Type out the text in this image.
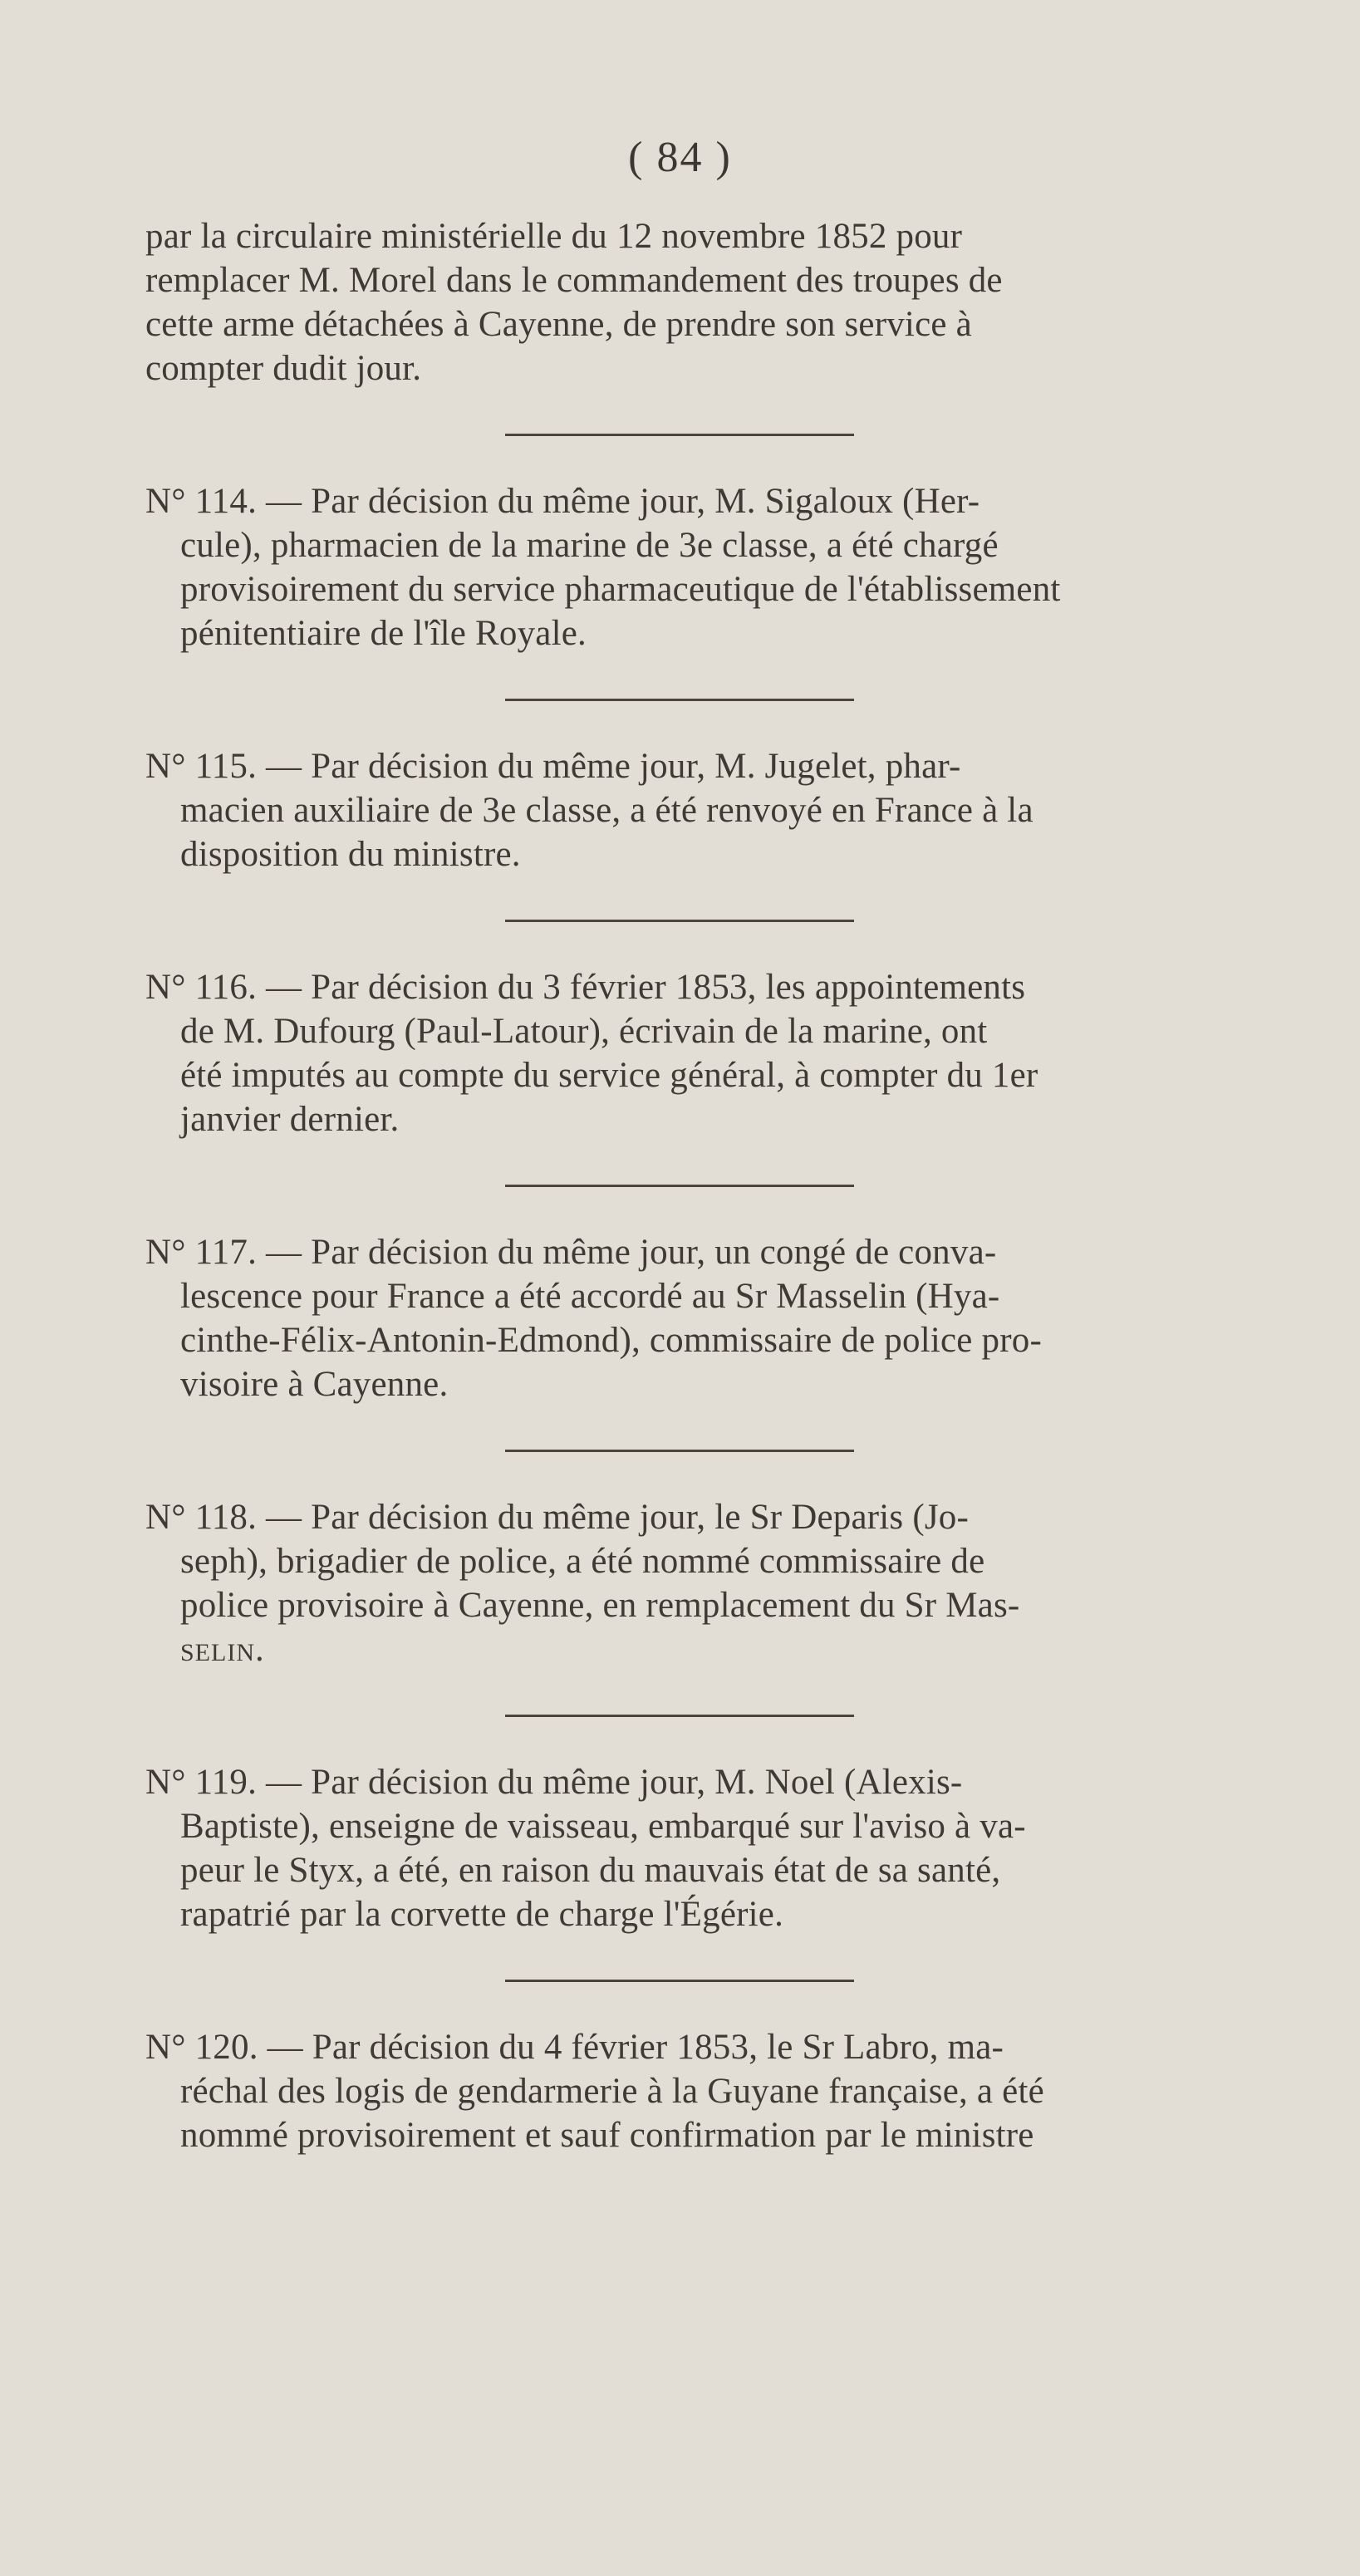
( 84 )

par la circulaire ministérielle du 12 novembre 1852 pour
remplacer M. Morel dans le commandement des troupes de
cette arme détachées à Cayenne, de prendre son service à
compter dudit jour.

N° 114. — Par décision du même jour, M. Sigaloux (Her-
cule), pharmacien de la marine de 3e classe, a été chargé
provisoirement du service pharmaceutique de l'établissement
pénitentiaire de l'île Royale.

N° 115. — Par décision du même jour, M. Jugelet, phar-
macien auxiliaire de 3e classe, a été renvoyé en France à la
disposition du ministre.

N° 116. — Par décision du 3 février 1853, les appointements
de M. Dufourg (Paul-Latour), écrivain de la marine, ont
été imputés au compte du service général, à compter du 1er
janvier dernier.

N° 117. — Par décision du même jour, un congé de conva-
lescence pour France a été accordé au Sr Masselin (Hya-
cinthe-Félix-Antonin-Edmond), commissaire de police pro-
visoire à Cayenne.

N° 118. — Par décision du même jour, le Sr Deparis (Jo-
seph), brigadier de police, a été nommé commissaire de
police provisoire à Cayenne, en remplacement du Sr Mas-
selin.

N° 119. — Par décision du même jour, M. Noel (Alexis-
Baptiste), enseigne de vaisseau, embarqué sur l'aviso à va-
peur le Styx, a été, en raison du mauvais état de sa santé,
rapatrié par la corvette de charge l'Égérie.

N° 120. — Par décision du 4 février 1853, le Sr Labro, ma-
réchal des logis de gendarmerie à la Guyane française, a été
nommé provisoirement et sauf confirmation par le ministre
